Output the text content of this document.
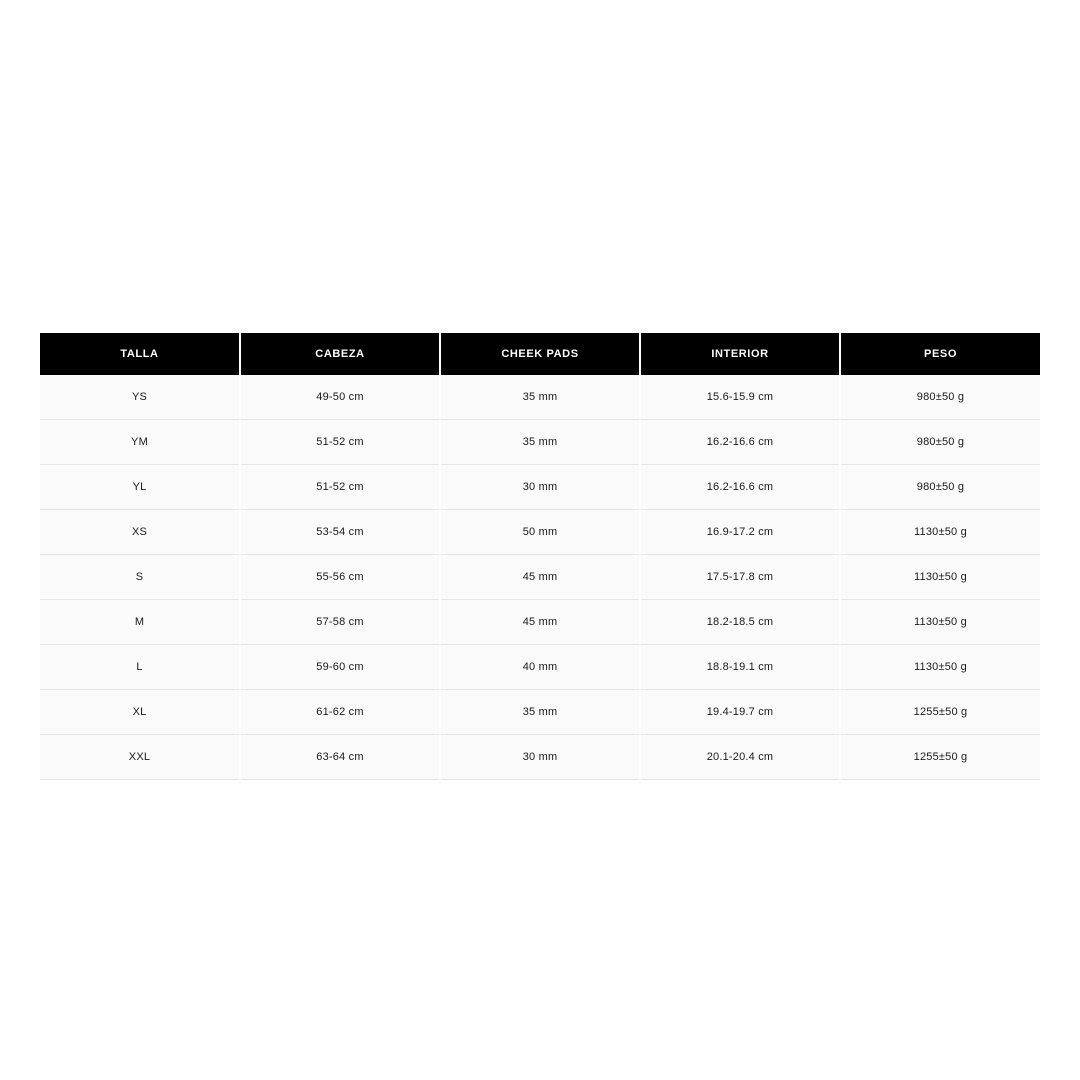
TALLA	CABEZA	CHEEK PADS	INTERIOR	PESO
YS	49-50 cm	35 mm	15.6-15.9 cm	980±50 g
YM	51-52 cm	35 mm	16.2-16.6 cm	980±50 g
YL	51-52 cm	30 mm	16.2-16.6 cm	980±50 g
XS	53-54 cm	50 mm	16.9-17.2 cm	1130±50 g
S	55-56 cm	45 mm	17.5-17.8 cm	1130±50 g
M	57-58 cm	45 mm	18.2-18.5 cm	1130±50 g
L	59-60 cm	40 mm	18.8-19.1 cm	1130±50 g
XL	61-62 cm	35 mm	19.4-19.7 cm	1255±50 g
XXL	63-64 cm	30 mm	20.1-20.4 cm	1255±50 g
